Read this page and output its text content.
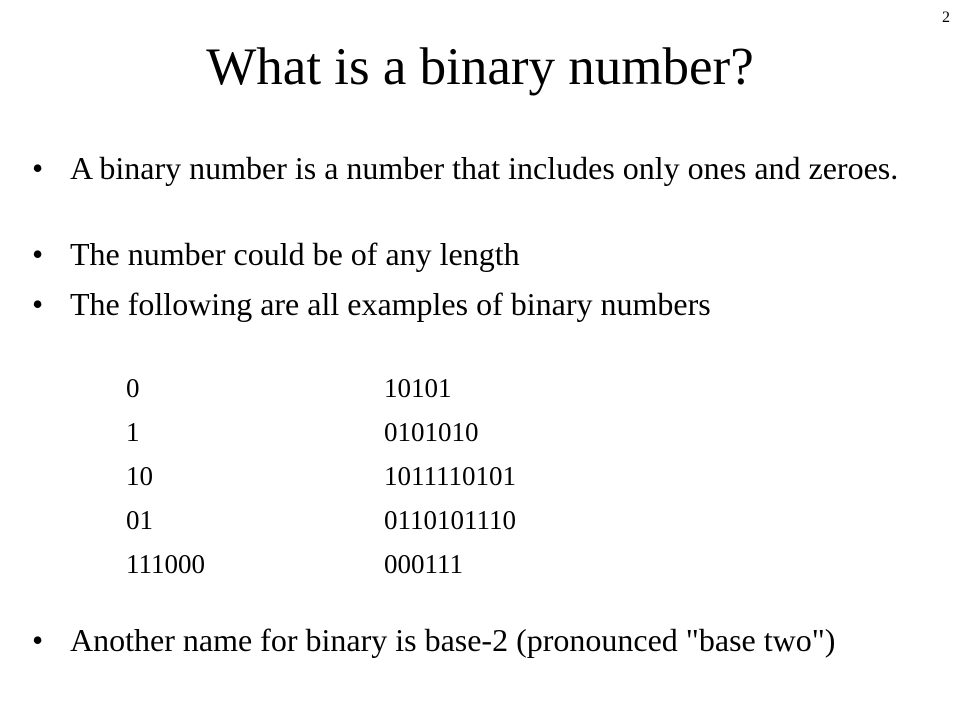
2
What is a binary number?
• A binary number is a number that includes only ones and zeroes.
• The number could be of any length
• The following are all examples of binary numbers
0	10101
1	0101010
10	1011110101
01	0110101110
111000	000111
• Another name for binary is base-2 (pronounced "base two")
